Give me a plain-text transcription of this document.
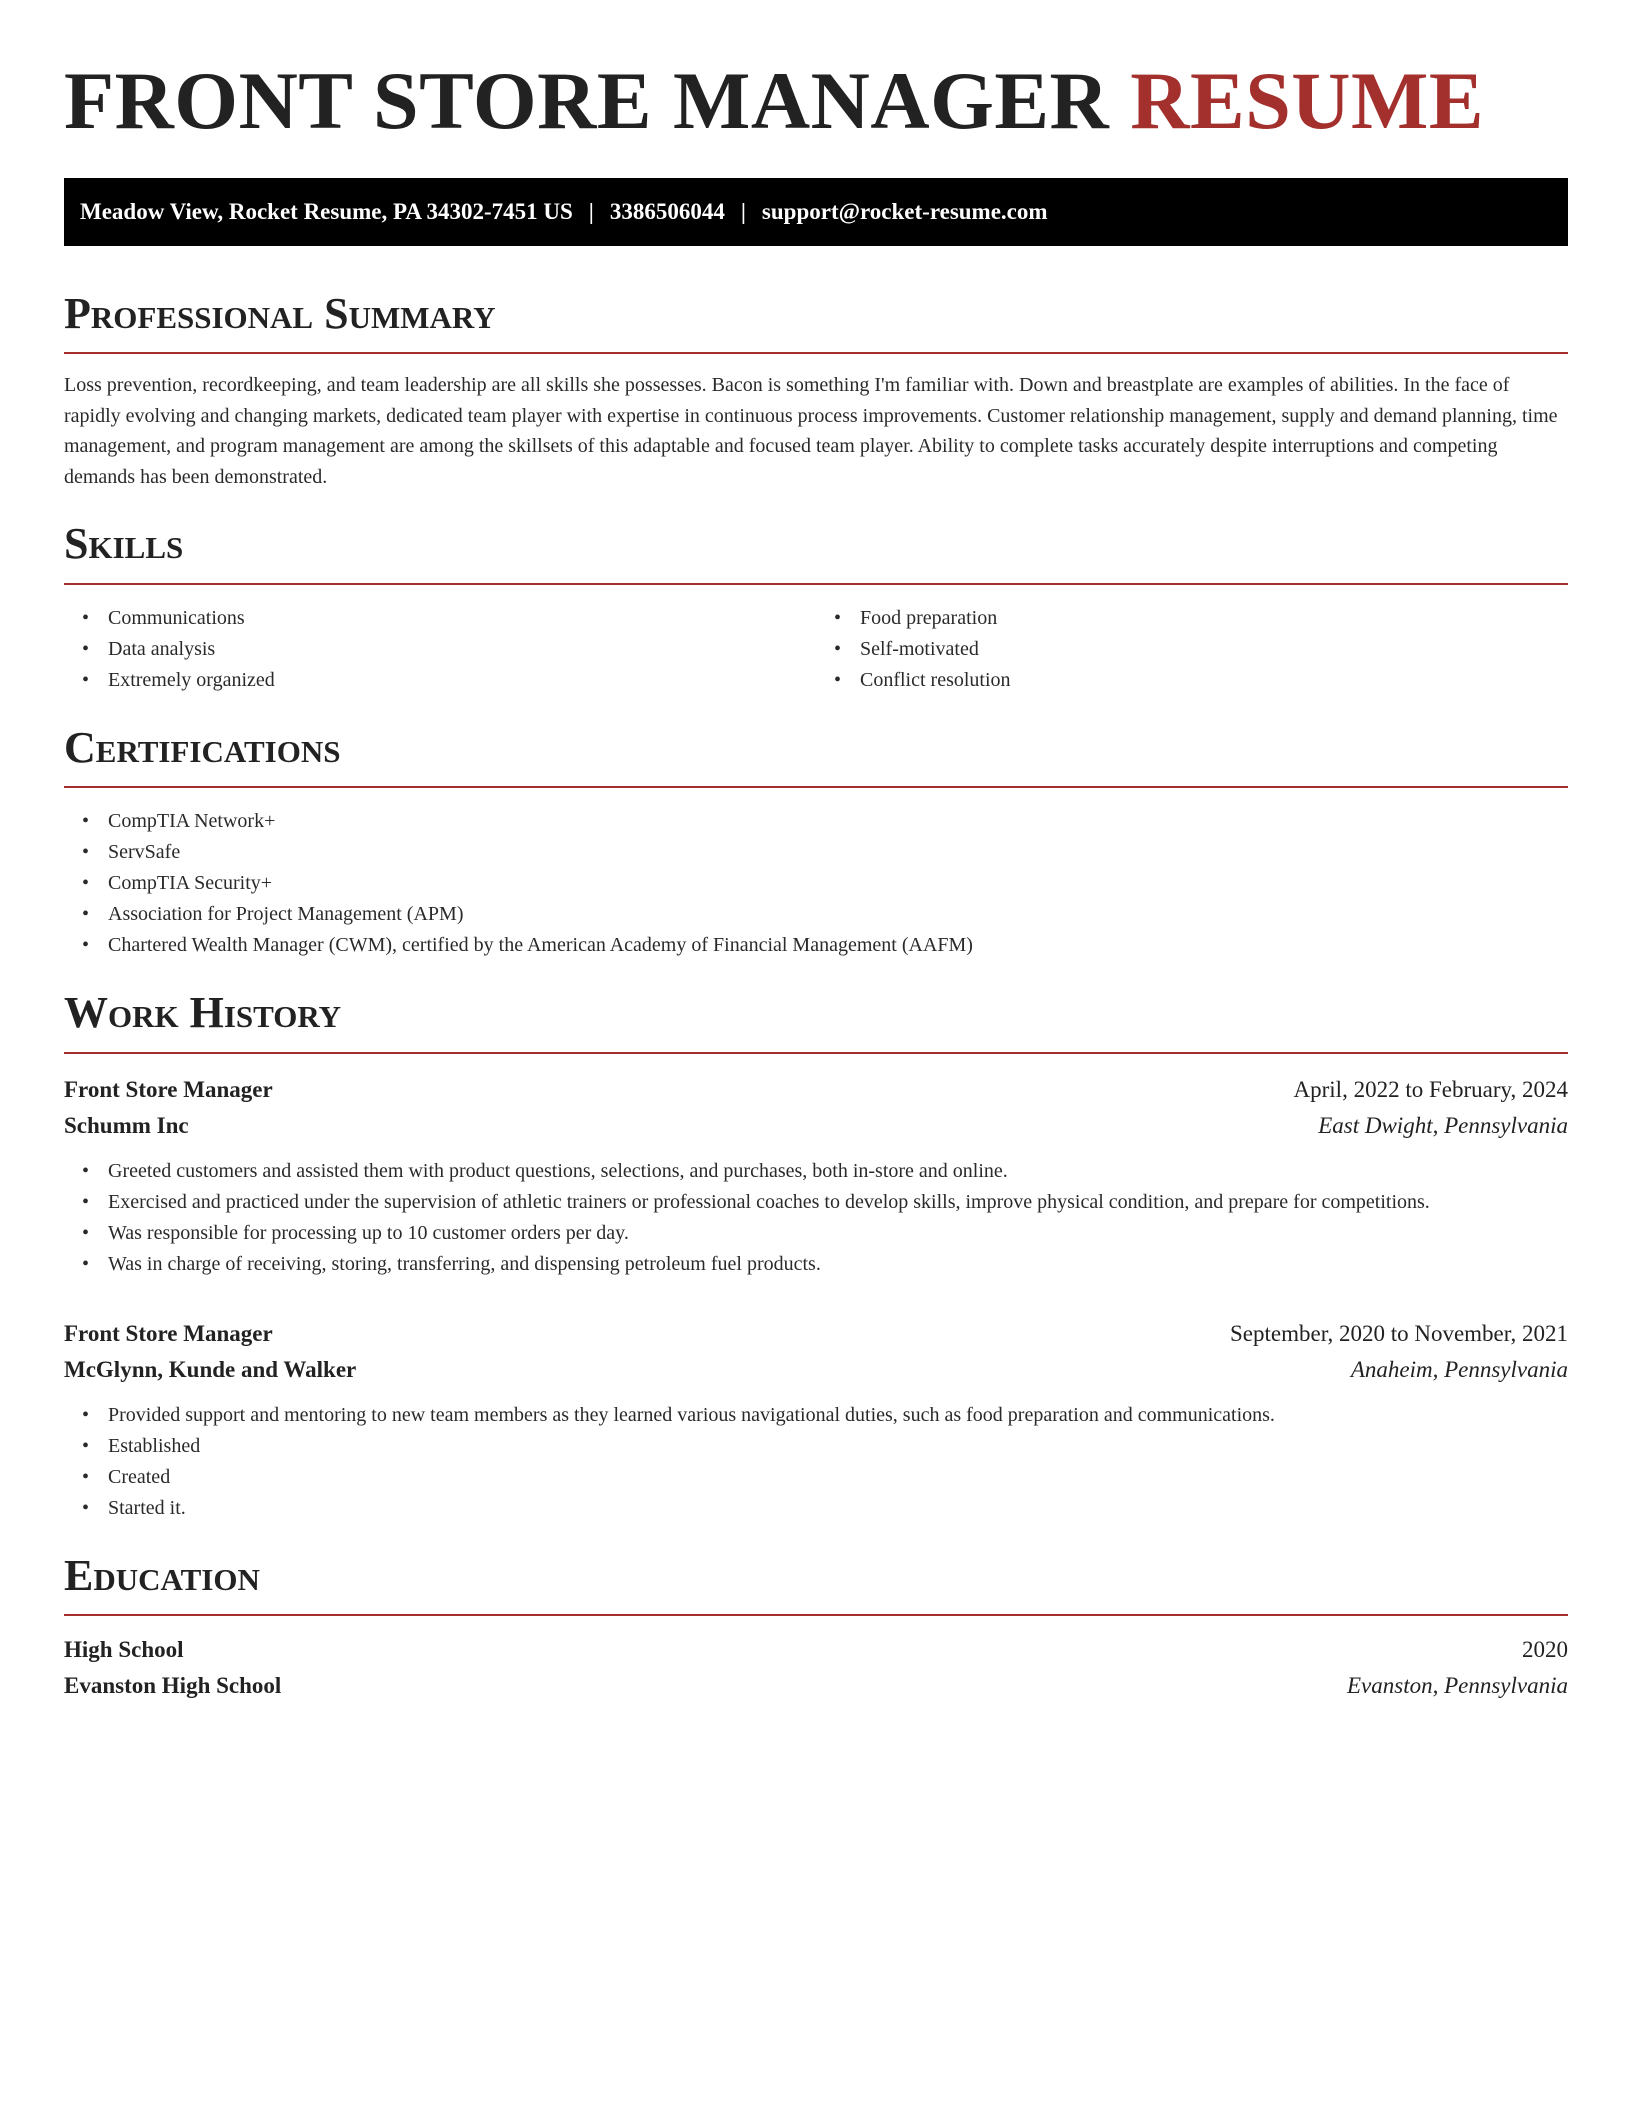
FRONT STORE MANAGER RESUME
Meadow View, Rocket Resume, PA 34302-7451 US | 3386506044 | support@rocket-resume.com
Professional Summary

Loss prevention, recordkeeping, and team leadership are all skills she possesses. Bacon is something I'm familiar with. Down and breastplate are examples of abilities. In the face of rapidly evolving and changing markets, dedicated team player with expertise in continuous process improvements. Customer relationship management, supply and demand planning, time management, and program management are among the skillsets of this adaptable and focused team player. Ability to complete tasks accurately despite interruptions and competing demands has been demonstrated.

Skills
• Communications
• Data analysis
• Extremely organized
• Food preparation
• Self-motivated
• Conflict resolution
Certifications
• CompTIA Network+
• ServSafe
• CompTIA Security+
• Association for Project Management (APM)
• Chartered Wealth Manager (CWM), certified by the American Academy of Financial Management (AAFM)
Work History
Front Store Manager	April, 2022 to February, 2024
Schumm Inc	East Dwight, Pennsylvania
• Greeted customers and assisted them with product questions, selections, and purchases, both in-store and online.
• Exercised and practiced under the supervision of athletic trainers or professional coaches to develop skills, improve physical condition, and prepare for competitions.
• Was responsible for processing up to 10 customer orders per day.
• Was in charge of receiving, storing, transferring, and dispensing petroleum fuel products.
Front Store Manager	September, 2020 to November, 2021
McGlynn, Kunde and Walker	Anaheim, Pennsylvania
• Provided support and mentoring to new team members as they learned various navigational duties, such as food preparation and communications.
• Established
• Created
• Started it.
Education
High School	2020
Evanston High School	Evanston, Pennsylvania
